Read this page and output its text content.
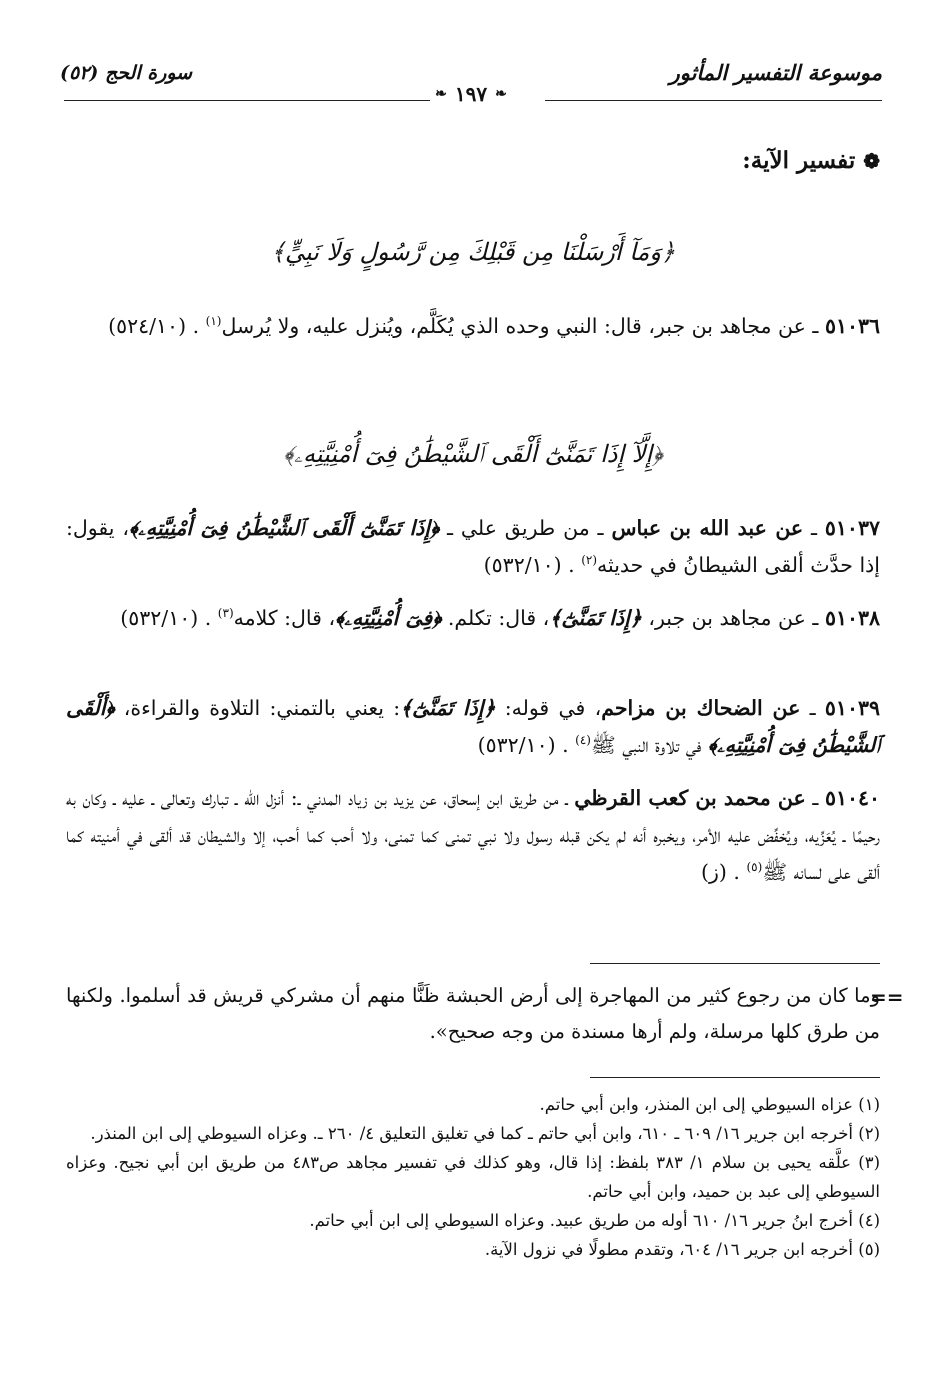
موسوعة التفسير المأثور
❧ ١٩٧ ❧
سورة الحج (٥٢)
❁
تفسير الآية:
﴿وَمَآ أَرْسَلْنَا مِن قَبْلِكَ مِن رَّسُولٍ وَلَا نَبِيٍّ﴾
٥١٠٣٦ ـ عن مجاهد بن جبر، قال: النبي وحده الذي يُكَلَّم، ويُنزل عليه، ولا يُرسل$^{(١)}$ . (٥٢٤/١٠)
﴿إِلَّآ إِذَا تَمَنَّىٰٓ أَلْقَى ٱلشَّيْطَٰنُ فِىٓ أُمْنِيَّتِهِۦ﴾
٥١٠٣٧ ـ عن عبد الله بن عباس ـ من طريق علي ـ ﴿إِذَا تَمَنَّىٰٓ أَلْقَى ٱلشَّيْطَٰنُ فِىٓ أُمْنِيَّتِهِۦ﴾، يقول: إذا حدَّث ألقى الشيطانُ في حديثه$^{(٢)}$ . (٥٣٢/١٠)
٥١٠٣٨ ـ عن مجاهد بن جبر، ﴿إِذَا تَمَنَّىٰٓ﴾، قال: تكلم. ﴿فِىٓ أُمْنِيَّتِهِۦ﴾، قال: كلامه$^{(٣)}$ . (٥٣٢/١٠)
٥١٠٣٩ ـ عن الضحاك بن مزاحم، في قوله: ﴿إِذَا تَمَنَّىٰٓ﴾: يعني بالتمني: التلاوة والقراءة، ﴿أَلْقَى ٱلشَّيْطَٰنُ فِىٓ أُمْنِيَّتِهِۦ﴾ في تلاوة النبي ﷺ$^{(٤)}$ . (٥٣٢/١٠)
٥١٠٤٠ ـ عن محمد بن كعب القرظي ـ من طريق ابن إسحاق، عن يزيد بن زياد المدني ـ: أنزل الله ـ تبارك وتعالى ـ عليه ـ وكان به رحيمًا ـ يُعَزِّيه، ويُخفِّض عليه الأمر، ويخبره أنه لم يكن قبله رسول ولا نبي تمنى كما تمنى، ولا أحب كما أحب، إلا والشيطان قد ألقى في أمنيته كما ألقى على لسانه ﷺ$^{(٥)}$ . (ز)
==
وما كان من رجوع كثير من المهاجرة إلى أرض الحبشة ظَنًّا منهم أن مشركي قريش قد أسلموا. ولكنها من طرق كلها مرسلة، ولم أرها مسندة من وجه صحيح».

(١) عزاه السيوطي إلى ابن المنذر، وابن أبي حاتم.

(٢) أخرجه ابن جرير ١٦/ ٦٠٩ ـ ٦١٠، وابن أبي حاتم ـ كما في تغليق التعليق ٤/ ٢٦٠ ـ. وعزاه السيوطي إلى ابن المنذر.

(٣) علَّقه يحيى بن سلام ١/ ٣٨٣ بلفظ: إذا قال، وهو كذلك في تفسير مجاهد ص٤٨٣ من طريق ابن أبي نجيح. وعزاه السيوطي إلى عبد بن حميد، وابن أبي حاتم.

(٤) أخرج ابنُ جرير ١٦/ ٦١٠ أوله من طريق عبيد. وعزاه السيوطي إلى ابن أبي حاتم.

(٥) أخرجه ابن جرير ١٦/ ٦٠٤، وتقدم مطولًا في نزول الآية.
